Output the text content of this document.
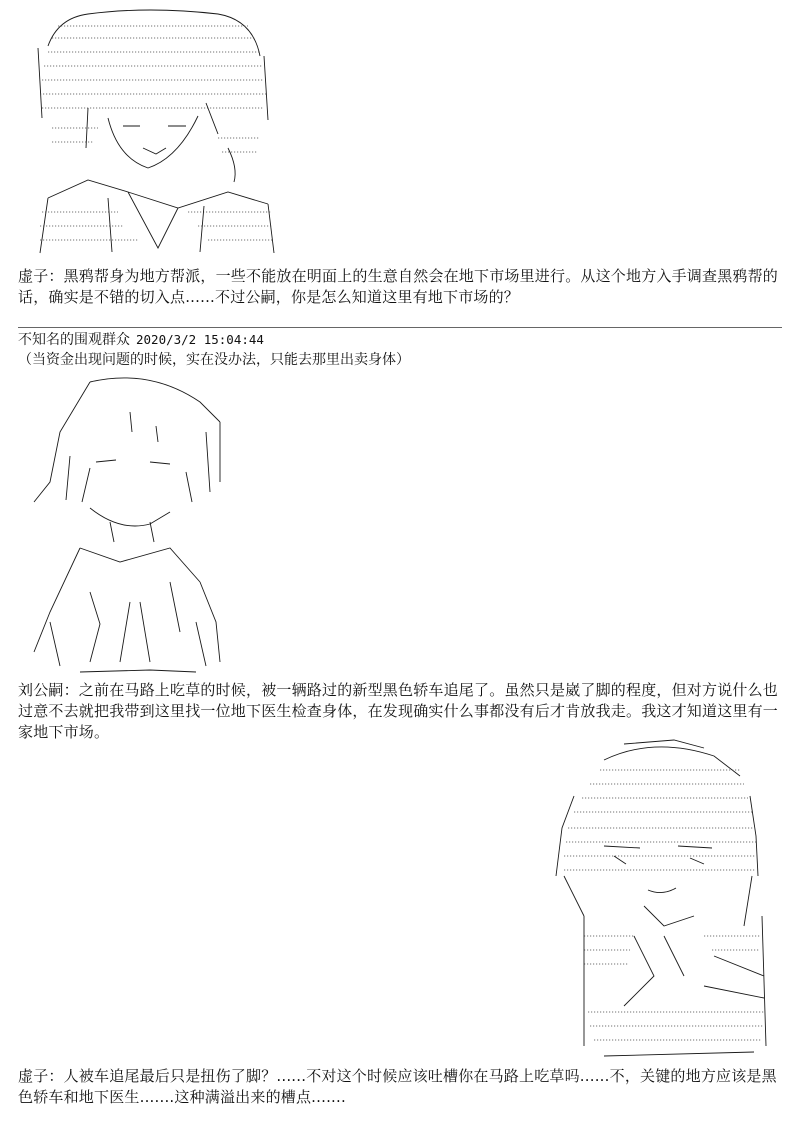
虚子：黑鸦帮身为地方帮派，一些不能放在明面上的生意自然会在地下市场里进行。从这个地方入手调查黑鸦帮的话，确实是不错的切入点......不过公嗣，你是怎么知道这里有地下市场的？
不知名的围观群众 2020/3/2 15:04:44
（当资金出现问题的时候，实在没办法，只能去那里出卖身体）
刘公嗣：之前在马路上吃草的时候，被一辆路过的新型黑色轿车追尾了。虽然只是崴了脚的程度，但对方说什么也过意不去就把我带到这里找一位地下医生检查身体，在发现确实什么事都没有后才肯放我走。我这才知道这里有一家地下市场。
虚子：人被车追尾最后只是扭伤了脚？......不对这个时候应该吐槽你在马路上吃草吗......不，关键的地方应该是黑色轿车和地下医生.......这种满溢出来的槽点.......
